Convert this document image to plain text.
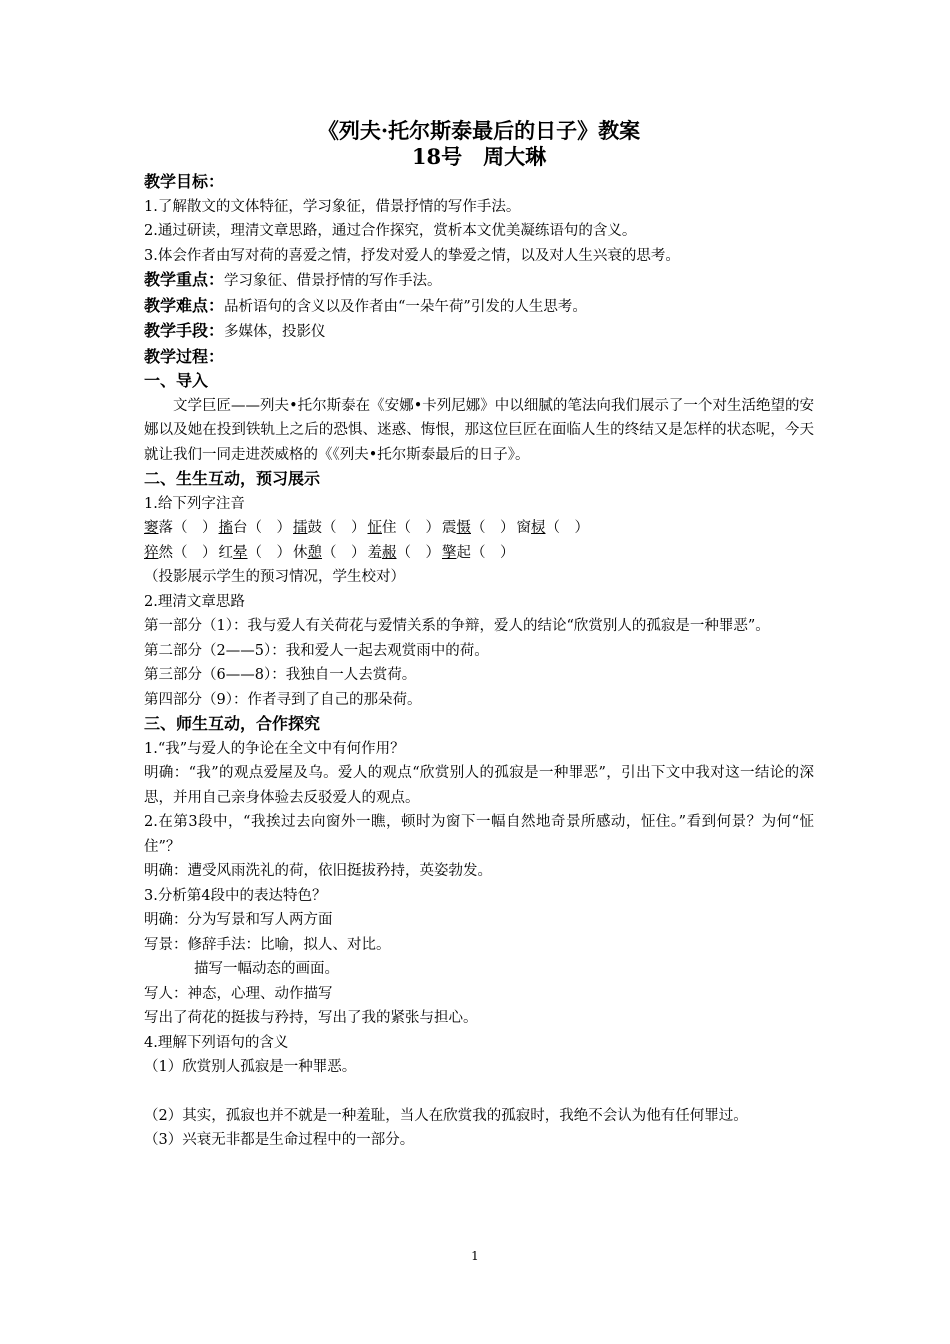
《列夫·托尔斯泰最后的日子》教案
18号　周大琳
教学目标：
1.了解散文的文体特征，学习象征，借景抒情的写作手法。
2.通过研读，理清文章思路，通过合作探究，赏析本文优美凝练语句的含义。
3.体会作者由写对荷的喜爱之情，抒发对爱人的挚爱之情，以及对人生兴衰的思考。
教学重点：学习象征、借景抒情的写作手法。
教学难点：品析语句的含义以及作者由“一朵午荷”引发的人生思考。
教学手段：多媒体，投影仪
教学过程：
一、导入
文学巨匠——列夫•托尔斯泰在《安娜•卡列尼娜》中以细腻的笔法向我们展示了一个对生活绝望的安娜以及她在投到铁轨上之后的恐惧、迷惑、悔恨，那这位巨匠在面临人生的终结又是怎样的状态呢，今天就让我们一同走进茨威格的《《列夫•托尔斯泰最后的日子》。
二、生生互动，预习展示
1.给下列字注音
窭落（　） 搐台（　） 擂鼓（　） 怔住（　） 震慑（　） 窗棂（　）
猝然（　） 红晕（　） 休憩（　） 羞赧（　） 擎起（　）
（投影展示学生的预习情况，学生校对）
2.理清文章思路
第一部分（1）：我与爱人有关荷花与爱情关系的争辩，爱人的结论“欣赏别人的孤寂是一种罪恶”。
第二部分（2——5）：我和爱人一起去观赏雨中的荷。
第三部分（6——8）：我独自一人去赏荷。
第四部分（9）：作者寻到了自己的那朵荷。
三、师生互动，合作探究
1.“我”与爱人的争论在全文中有何作用？
明确：“我”的观点爱屋及乌。爱人的观点“欣赏别人的孤寂是一种罪恶”，引出下文中我对这一结论的深思，并用自己亲身体验去反驳爱人的观点。
2.在第3段中，“我挨过去向窗外一瞧，顿时为窗下一幅自然地奇景所感动，怔住。”看到何景？为何“怔住”？
明确：遭受风雨洗礼的荷，依旧挺拔矜持，英姿勃发。
3.分析第4段中的表达特色？
明确：分为写景和写人两方面
写景：修辞手法：比喻，拟人、对比。
描写一幅动态的画面。
写人：神态，心理、动作描写
写出了荷花的挺拔与矜持，写出了我的紧张与担心。
4.理解下列语句的含义
（1）欣赏别人孤寂是一种罪恶。
（2）其实，孤寂也并不就是一种羞耻，当人在欣赏我的孤寂时，我绝不会认为他有任何罪过。
（3）兴衰无非都是生命过程中的一部分。
1
